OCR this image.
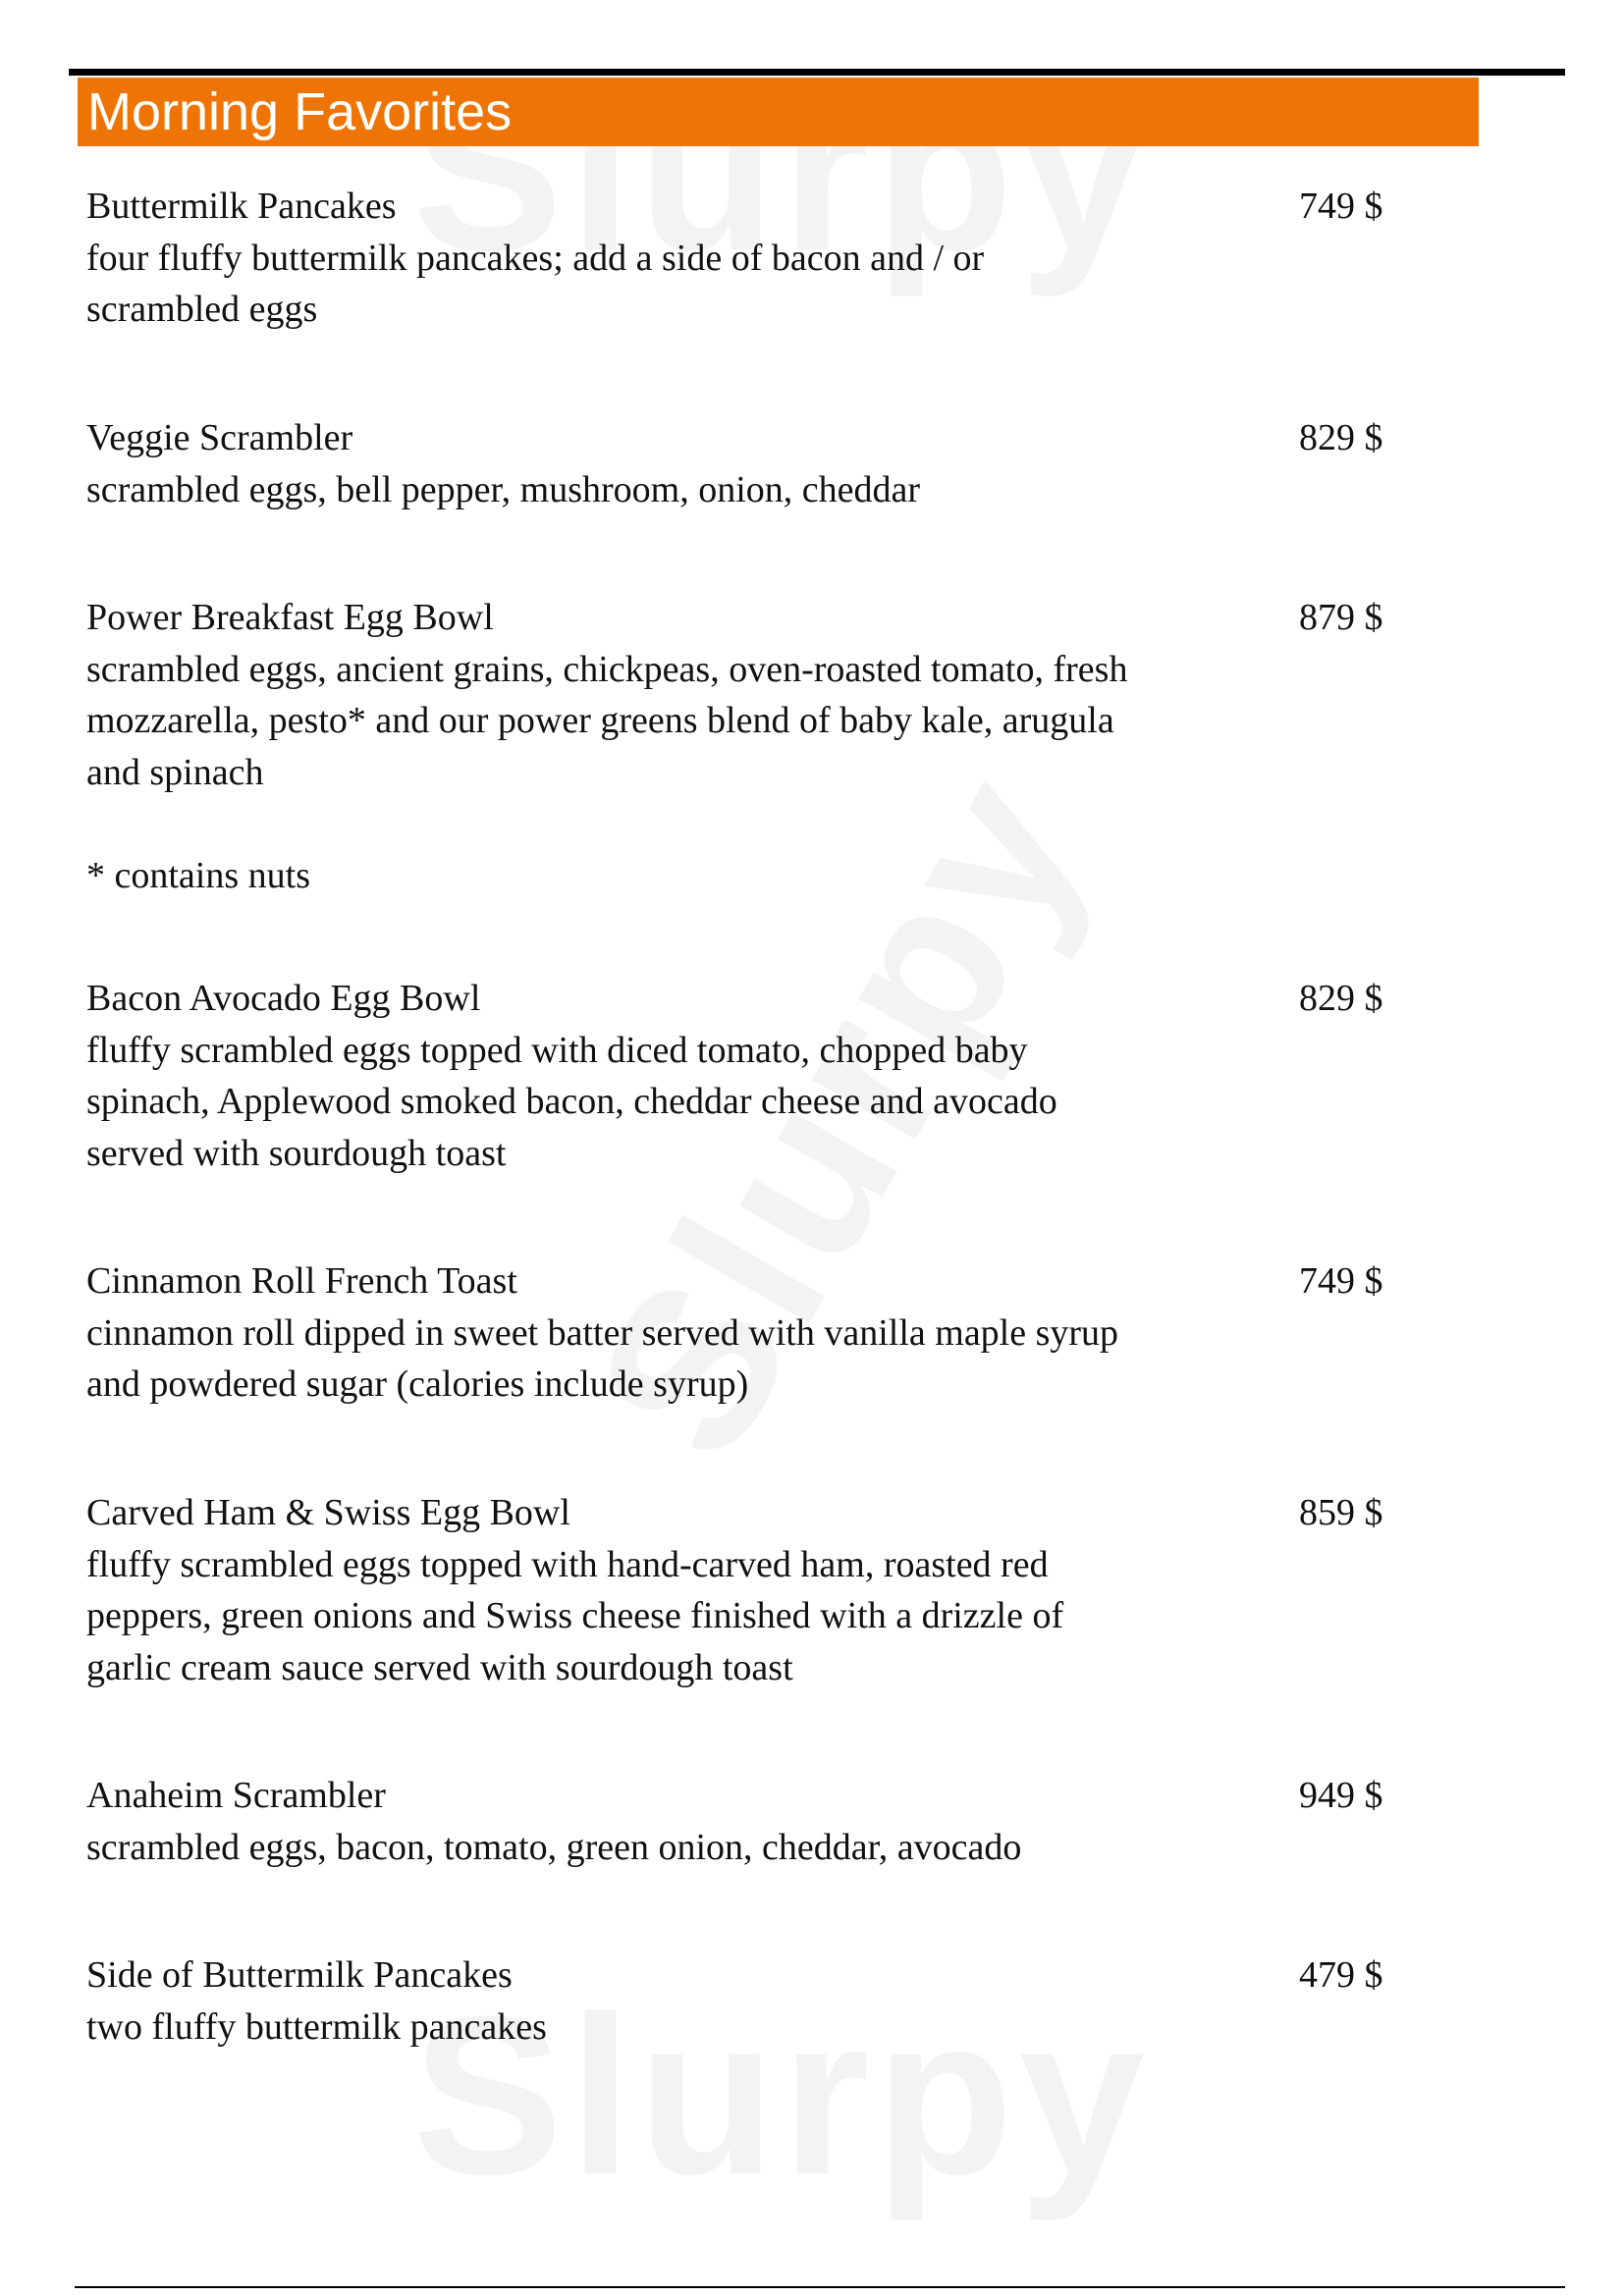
Morning Favorites
Buttermilk Pancakes	749 $
four fluffy buttermilk pancakes; add a side of bacon and / or
scrambled eggs
Veggie Scrambler	829 $
scrambled eggs, bell pepper, mushroom, onion, cheddar
Power Breakfast Egg Bowl	879 $
scrambled eggs, ancient grains, chickpeas, oven-roasted tomato, fresh
mozzarella, pesto* and our power greens blend of baby kale, arugula
and spinach
* contains nuts
Bacon Avocado Egg Bowl	829 $
fluffy scrambled eggs topped with diced tomato, chopped baby
spinach, Applewood smoked bacon, cheddar cheese and avocado
served with sourdough toast
Cinnamon Roll French Toast	749 $
cinnamon roll dipped in sweet batter served with vanilla maple syrup
and powdered sugar (calories include syrup)
Carved Ham & Swiss Egg Bowl	859 $
fluffy scrambled eggs topped with hand-carved ham, roasted red
peppers, green onions and Swiss cheese finished with a drizzle of
garlic cream sauce served with sourdough toast
Anaheim Scrambler	949 $
scrambled eggs, bacon, tomato, green onion, cheddar, avocado
Side of Buttermilk Pancakes	479 $
two fluffy buttermilk pancakes
